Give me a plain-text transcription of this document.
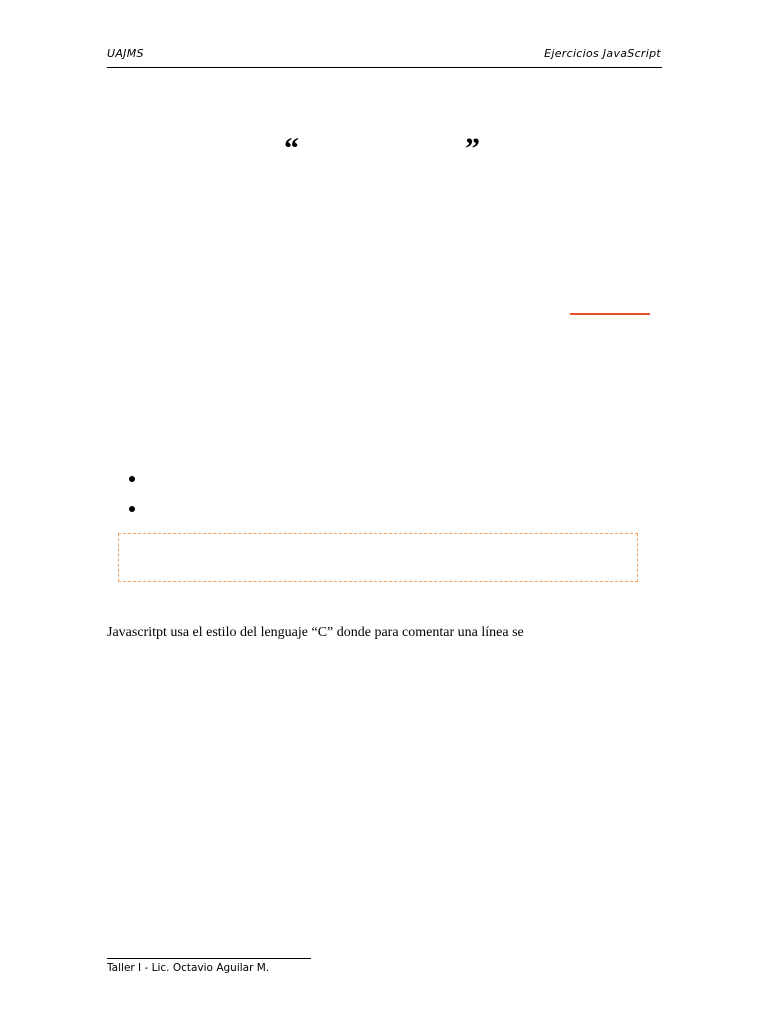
UAJMS	Ejercicios JavaScript
“	”
Javascritpt usa el estilo del lenguaje “C” donde para comentar una línea se
Taller I - Lic. Octavio Aguilar M.
